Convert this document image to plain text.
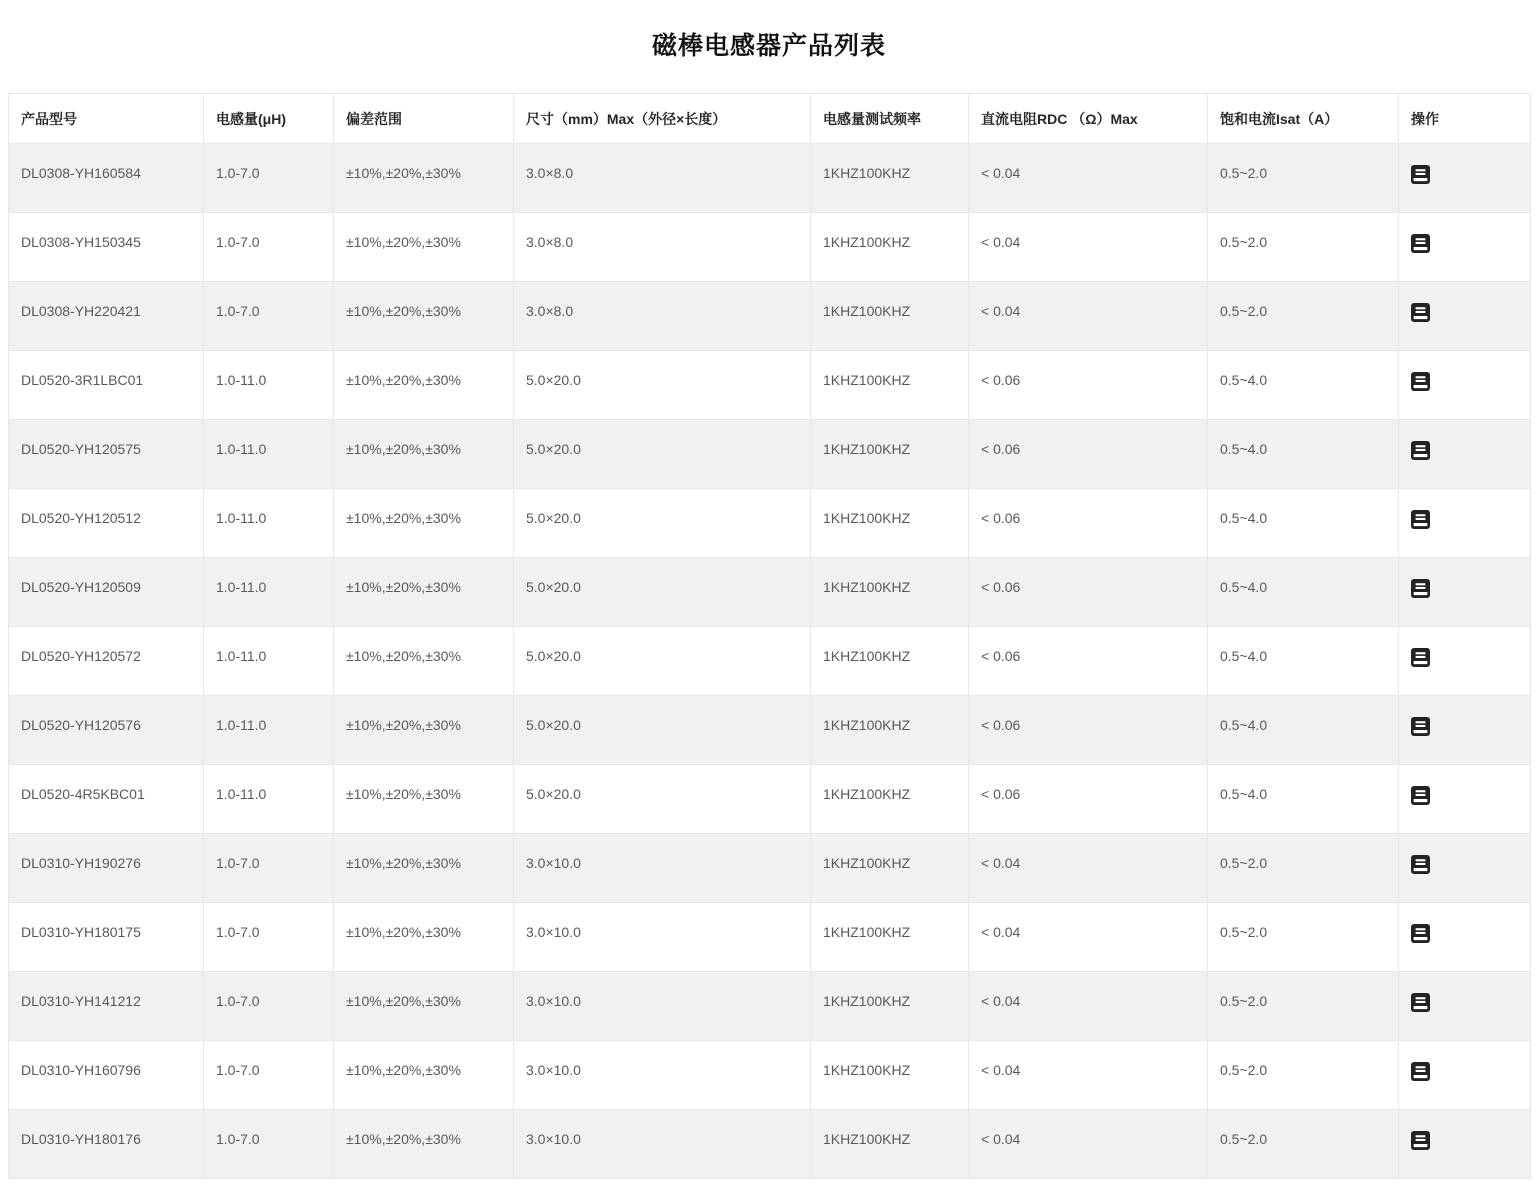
磁棒电感器产品列表
产品型号	电感量(μH)	偏差范围	尺寸（mm）Max（外径×长度）	电感量测试频率	直流电阻RDC （Ω）Max	饱和电流Isat（A）	操作
DL0308-YH160584	1.0-7.0	±10%,±20%,±30%	3.0×8.0	1KHZ100KHZ	< 0.04	0.5~2.0	
DL0308-YH150345	1.0-7.0	±10%,±20%,±30%	3.0×8.0	1KHZ100KHZ	< 0.04	0.5~2.0	
DL0308-YH220421	1.0-7.0	±10%,±20%,±30%	3.0×8.0	1KHZ100KHZ	< 0.04	0.5~2.0	
DL0520-3R1LBC01	1.0-11.0	±10%,±20%,±30%	5.0×20.0	1KHZ100KHZ	< 0.06	0.5~4.0	
DL0520-YH120575	1.0-11.0	±10%,±20%,±30%	5.0×20.0	1KHZ100KHZ	< 0.06	0.5~4.0	
DL0520-YH120512	1.0-11.0	±10%,±20%,±30%	5.0×20.0	1KHZ100KHZ	< 0.06	0.5~4.0	
DL0520-YH120509	1.0-11.0	±10%,±20%,±30%	5.0×20.0	1KHZ100KHZ	< 0.06	0.5~4.0	
DL0520-YH120572	1.0-11.0	±10%,±20%,±30%	5.0×20.0	1KHZ100KHZ	< 0.06	0.5~4.0	
DL0520-YH120576	1.0-11.0	±10%,±20%,±30%	5.0×20.0	1KHZ100KHZ	< 0.06	0.5~4.0	
DL0520-4R5KBC01	1.0-11.0	±10%,±20%,±30%	5.0×20.0	1KHZ100KHZ	< 0.06	0.5~4.0	
DL0310-YH190276	1.0-7.0	±10%,±20%,±30%	3.0×10.0	1KHZ100KHZ	< 0.04	0.5~2.0	
DL0310-YH180175	1.0-7.0	±10%,±20%,±30%	3.0×10.0	1KHZ100KHZ	< 0.04	0.5~2.0	
DL0310-YH141212	1.0-7.0	±10%,±20%,±30%	3.0×10.0	1KHZ100KHZ	< 0.04	0.5~2.0	
DL0310-YH160796	1.0-7.0	±10%,±20%,±30%	3.0×10.0	1KHZ100KHZ	< 0.04	0.5~2.0	
DL0310-YH180176	1.0-7.0	±10%,±20%,±30%	3.0×10.0	1KHZ100KHZ	< 0.04	0.5~2.0	
